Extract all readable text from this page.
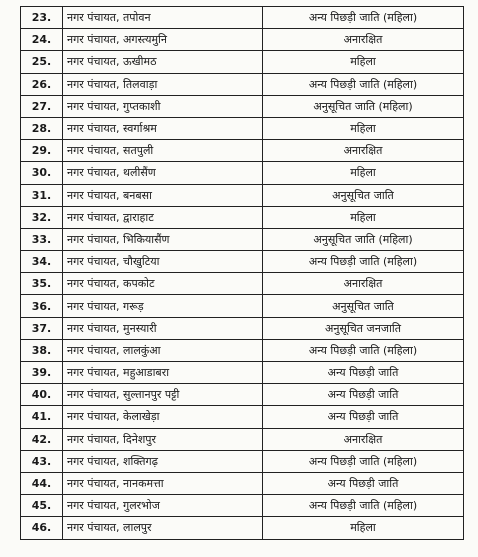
23.	नगर पंचायत, तपोवन	अन्य पिछड़ी जाति (महिला)
24.	नगर पंचायत, अगस्त्यमुनि	अनारक्षित
25.	नगर पंचायत, ऊखीमठ	महिला
26.	नगर पंचायत, तिलवाड़ा	अन्य पिछड़ी जाति (महिला)
27.	नगर पंचायत, गुप्तकाशी	अनुसूचित जाति (महिला)
28.	नगर पंचायत, स्वर्गाश्रम	महिला
29.	नगर पंचायत, सतपुली	अनारक्षित
30.	नगर पंचायत, थलीसैंण	महिला
31.	नगर पंचायत, बनबसा	अनुसूचित जाति
32.	नगर पंचायत, द्वाराहाट	महिला
33.	नगर पंचायत, भिकियासैंण	अनुसूचित जाति (महिला)
34.	नगर पंचायत, चौखुटिया	अन्य पिछड़ी जाति (महिला)
35.	नगर पंचायत, कपकोट	अनारक्षित
36.	नगर पंचायत, गरूड़	अनुसूचित जाति
37.	नगर पंचायत, मुनस्यारी	अनुसूचित जनजाति
38.	नगर पंचायत, लालकुंआ	अन्य पिछड़ी जाति (महिला)
39.	नगर पंचायत, महुआडाबरा	अन्य पिछड़ी जाति
40.	नगर पंचायत, सुल्तानपुर पट्टी	अन्य पिछड़ी जाति
41.	नगर पंचायत, केलाखेड़ा	अन्य पिछड़ी जाति
42.	नगर पंचायत, दिनेशपुर	अनारक्षित
43.	नगर पंचायत, शक्तिगढ़	अन्य पिछड़ी जाति (महिला)
44.	नगर पंचायत, नानकमत्ता	अन्य पिछड़ी जाति
45.	नगर पंचायत, गुलरभोज	अन्य पिछड़ी जाति (महिला)
46.	नगर पंचायत, लालपुर	महिला
